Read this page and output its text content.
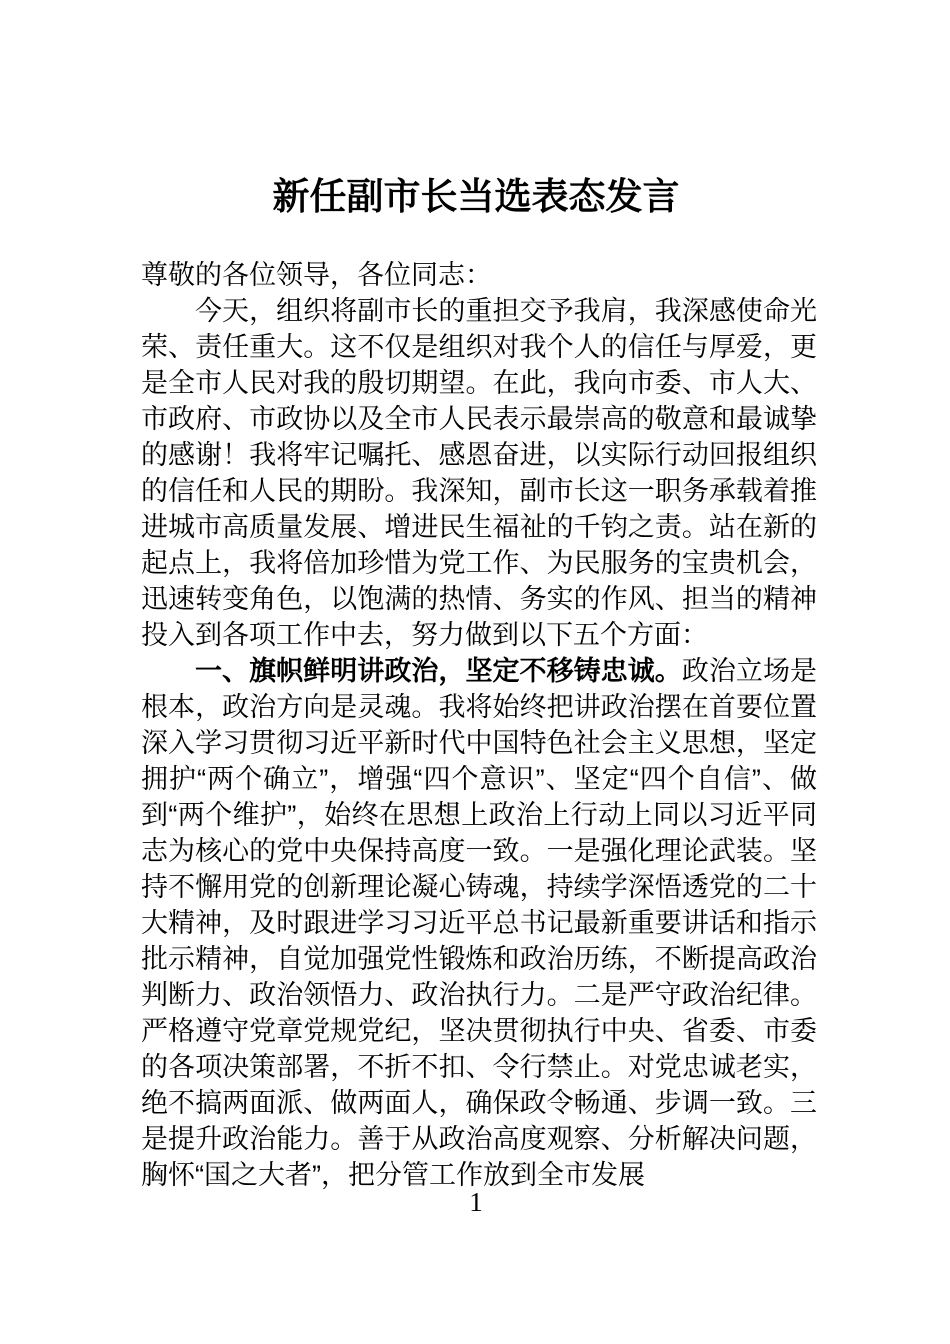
新任副市长当选表态发言

尊敬的各位领导，各位同志：

今天，组织将副市长的重担交予我肩，我深感使命光荣、责任重大。这不仅是组织对我个人的信任与厚爱，更是全市人民对我的殷切期望。在此，我向市委、市人大、市政府、市政协以及全市人民表示最崇高的敬意和最诚挚的感谢！我将牢记嘱托、感恩奋进，以实际行动回报组织的信任和人民的期盼。我深知，副市长这一职务承载着推进城市高质量发展、增进民生福祉的千钧之责。站在新的起点上，我将倍加珍惜为党工作、为民服务的宝贵机会，迅速转变角色，以饱满的热情、务实的作风、担当的精神投入到各项工作中去，努力做到以下五个方面：

一、旗帜鲜明讲政治，坚定不移铸忠诚。政治立场是根本，政治方向是灵魂。我将始终把讲政治摆在首要位置深入学习贯彻习近平新时代中国特色社会主义思想，坚定拥护“两个确立”，增强“四个意识”、坚定“四个自信”、做到“两个维护”，始终在思想上政治上行动上同以习近平同志为核心的党中央保持高度一致。一是强化理论武装。坚持不懈用党的创新理论凝心铸魂，持续学深悟透党的二十大精神，及时跟进学习习近平总书记最新重要讲话和指示批示精神，自觉加强党性锻炼和政治历练，不断提高政治判断力、政治领悟力、政治执行力。二是严守政治纪律。严格遵守党章党规党纪，坚决贯彻执行中央、省委、市委的各项决策部署，不折不扣、令行禁止。对党忠诚老实，绝不搞两面派、做两面人，确保政令畅通、步调一致。三是提升政治能力。善于从政治高度观察、分析解决问题，胸怀“国之大者”，把分管工作放到全市发展

1
